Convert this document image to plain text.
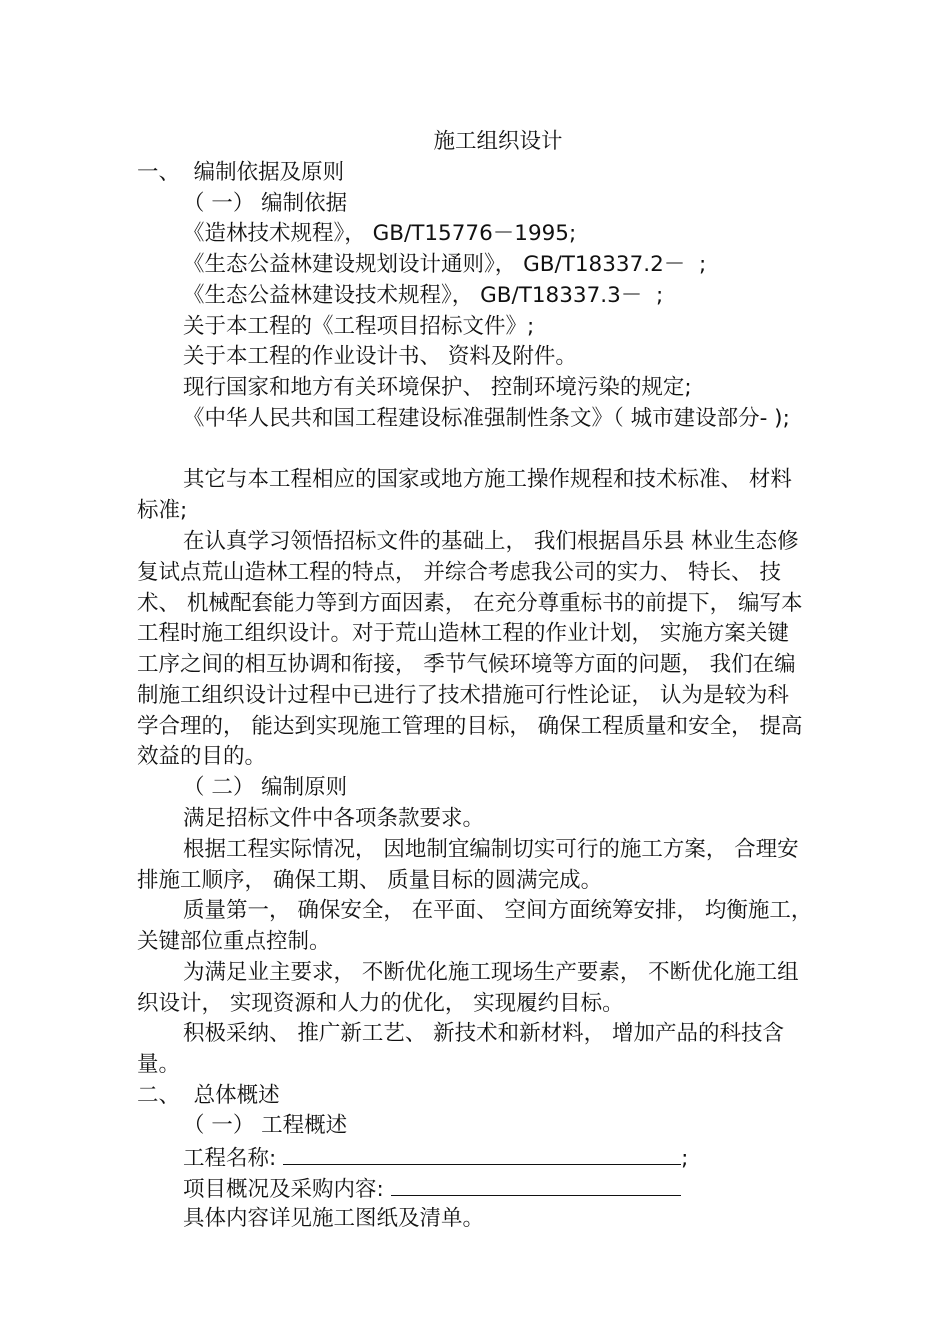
施工组织设计
一、  编制依据及原则
（ 一） 编制依据
《造林技术规程》， GB/T15776－1995;
《生态公益林建设规划设计通则》， GB/T18337.2－  ;
《生态公益林建设技术规程》， GB/T18337.3－  ;
关于本工程的《工程项目招标文件》;
关于本工程的作业设计书、 资料及附件。
现行国家和地方有关环境保护、 控制环境污染的规定;
《中华人民共和国工程建设标准强制性条文》（ 城市建设部分- );
其它与本工程相应的国家或地方施工操作规程和技术标准、 材料
标准;
在认真学习领悟招标文件的基础上， 我们根据昌乐县 林业生态修
复试点荒山造林工程的特点， 并综合考虑我公司的实力、 特长、 技
术、 机械配套能力等到方面因素， 在充分尊重标书的前提下， 编写本
工程时施工组织设计。对于荒山造林工程的作业计划， 实施方案关键
工序之间的相互协调和衔接， 季节气候环境等方面的问题， 我们在编
制施工组织设计过程中已进行了技术措施可行性论证， 认为是较为科
学合理的， 能达到实现施工管理的目标， 确保工程质量和安全， 提高
效益的目的。
（ 二） 编制原则
满足招标文件中各项条款要求。
根据工程实际情况， 因地制宜编制切实可行的施工方案， 合理安
排施工顺序， 确保工期、 质量目标的圆满完成。
质量第一， 确保安全， 在平面、 空间方面统筹安排， 均衡施工，
关键部位重点控制。
为满足业主要求， 不断优化施工现场生产要素， 不断优化施工组
织设计， 实现资源和人力的优化， 实现履约目标。
积极采纳、 推广新工艺、 新技术和新材料， 增加产品的科技含
量。
二、  总体概述
（ 一） 工程概述
工程名称:	;
项目概况及采购内容:
具体内容详见施工图纸及清单。
